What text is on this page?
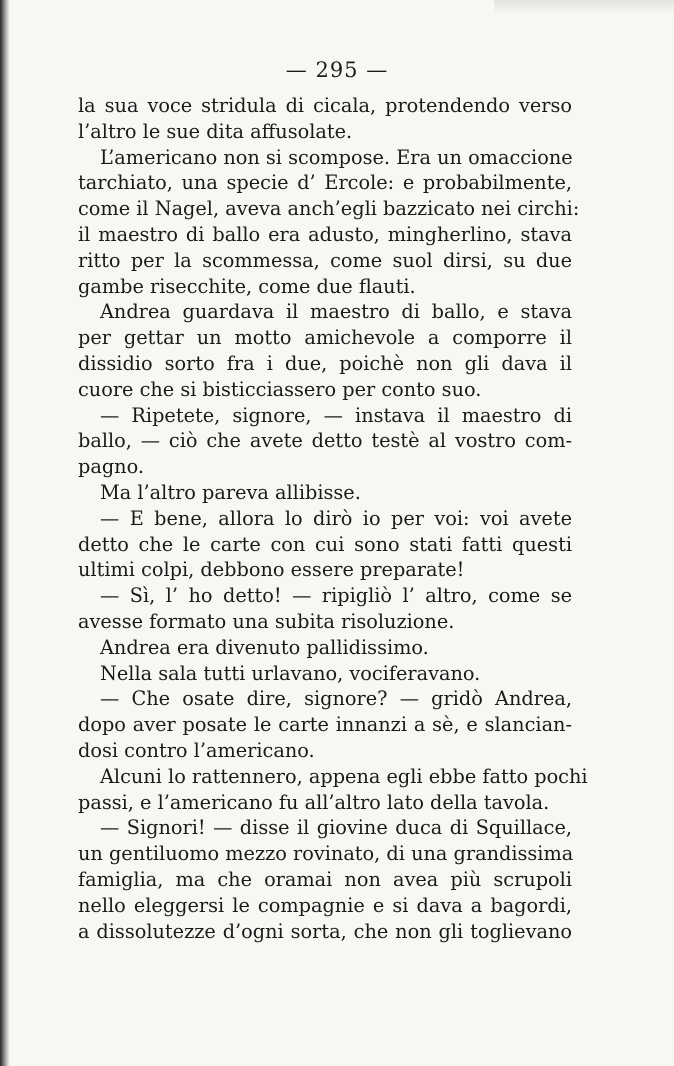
— 295 —
la sua voce stridula di cicala, protendendo verso
l’altro le sue dita affusolate.
L’americano non si scompose. Era un omaccione
tarchiato, una specie d’ Ercole: e probabilmente,
come il Nagel, aveva anch’egli bazzicato nei circhi:
il maestro di ballo era adusto, mingherlino, stava
ritto per la scommessa, come suol dirsi, su due
gambe risecchite, come due flauti.
Andrea guardava il maestro di ballo, e stava
per gettar un motto amichevole a comporre il
dissidio sorto fra i due, poichè non gli dava il
cuore che si bisticciassero per conto suo.
— Ripetete, signore, — instava il maestro di
ballo, — ciò che avete detto testè al vostro com-
pagno.
Ma l’altro pareva allibisse.
— E bene, allora lo dirò io per voi: voi avete
detto che le carte con cui sono stati fatti questi
ultimi colpi, debbono essere preparate!
— Sì, l’ ho detto! — ripigliò l’ altro, come se
avesse formato una subita risoluzione.
Andrea era divenuto pallidissimo.
Nella sala tutti urlavano, vociferavano.
— Che osate dire, signore? — gridò Andrea,
dopo aver posate le carte innanzi a sè, e slancian-
dosi contro l’americano.
Alcuni lo rattennero, appena egli ebbe fatto pochi
passi, e l’americano fu all’altro lato della tavola.
— Signori! — disse il giovine duca di Squillace,
un gentiluomo mezzo rovinato, di una grandissima
famiglia, ma che oramai non avea più scrupoli
nello eleggersi le compagnie e si dava a bagordi,
a dissolutezze d’ogni sorta, che non gli toglievano
